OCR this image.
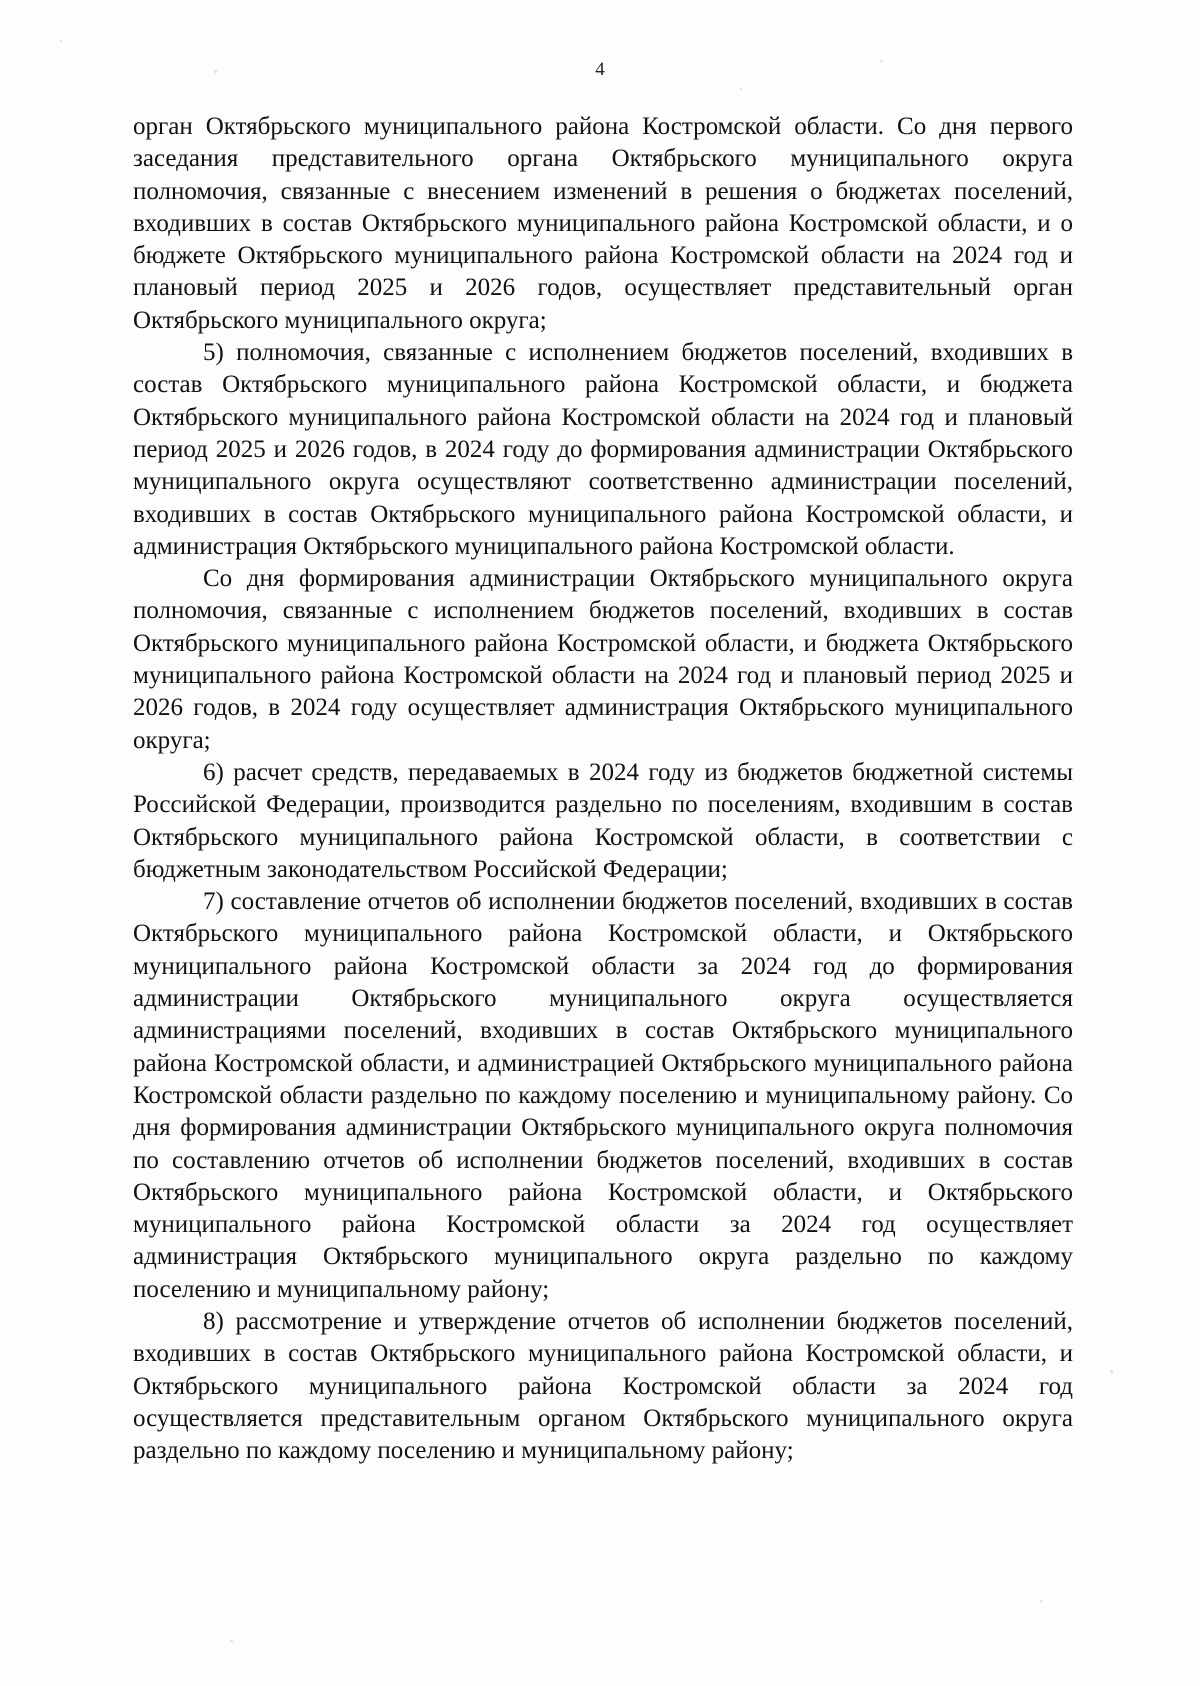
4

орган Октябрьского муниципального района Костромской области. Со дня первого заседания представительного органа Октябрьского муниципального округа полномочия, связанные с внесением изменений в решения о бюджетах поселений, входивших в состав Октябрьского муниципального района Костромской области, и о бюджете Октябрьского муниципального района Костромской области на 2024 год и плановый период 2025 и 2026 годов, осуществляет представительный орган Октябрьского муниципального округа;

5) полномочия, связанные с исполнением бюджетов поселений, входивших в состав Октябрьского муниципального района Костромской области, и бюджета Октябрьского муниципального района Костромской области на 2024 год и плановый период 2025 и 2026 годов, в 2024 году до формирования администрации Октябрьского муниципального округа осуществляют соответственно администрации поселений, входивших в состав Октябрьского муниципального района Костромской области, и администрация Октябрьского муниципального района Костромской области.

Со дня формирования администрации Октябрьского муниципального округа полномочия, связанные с исполнением бюджетов поселений, входивших в состав Октябрьского муниципального района Костромской области, и бюджета Октябрьского муниципального района Костромской области на 2024 год и плановый период 2025 и 2026 годов, в 2024 году осуществляет администрация Октябрьского муниципального округа;

6) расчет средств, передаваемых в 2024 году из бюджетов бюджетной системы Российской Федерации, производится раздельно по поселениям, входившим в состав Октябрьского муниципального района Костромской области, в соответствии с бюджетным законодательством Российской Федерации;

7) составление отчетов об исполнении бюджетов поселений, входивших в состав Октябрьского муниципального района Костромской области, и Октябрьского муниципального района Костромской области за 2024 год до формирования администрации Октябрьского муниципального округа осуществляется администрациями поселений, входивших в состав Октябрьского муниципального района Костромской области, и администрацией Октябрьского муниципального района Костромской области раздельно по каждому поселению и муниципальному району. Со дня формирования администрации Октябрьского муниципального округа полномочия по составлению отчетов об исполнении бюджетов поселений, входивших в состав Октябрьского муниципального района Костромской области, и Октябрьского муниципального района Костромской области за 2024 год осуществляет администрация Октябрьского муниципального округа раздельно по каждому поселению и муниципальному району;

8) рассмотрение и утверждение отчетов об исполнении бюджетов поселений, входивших в состав Октябрьского муниципального района Костромской области, и Октябрьского муниципального района Костромской области за 2024 год осуществляется представительным органом Октябрьского муниципального округа раздельно по каждому поселению и муниципальному району;
